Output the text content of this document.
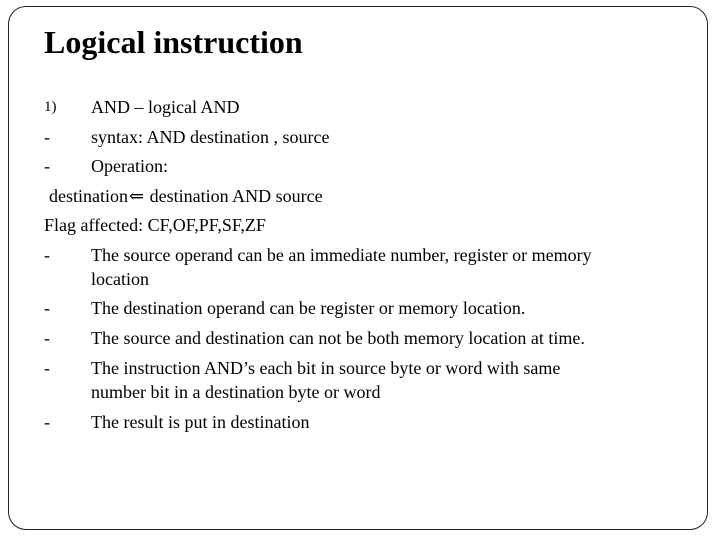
Logical instruction
1) AND – logical AND
- syntax: AND destination , source
- Operation:
destination⇐ destination AND source
Flag affected: CF,OF,PF,SF,ZF
- The source operand can be an immediate number, register or memory
location
- The destination operand can be register or memory location.
- The source and destination can not be both memory location at time.
- The instruction AND’s each bit in source byte or word with same
number bit in a destination byte or word
- The result is put in destination
